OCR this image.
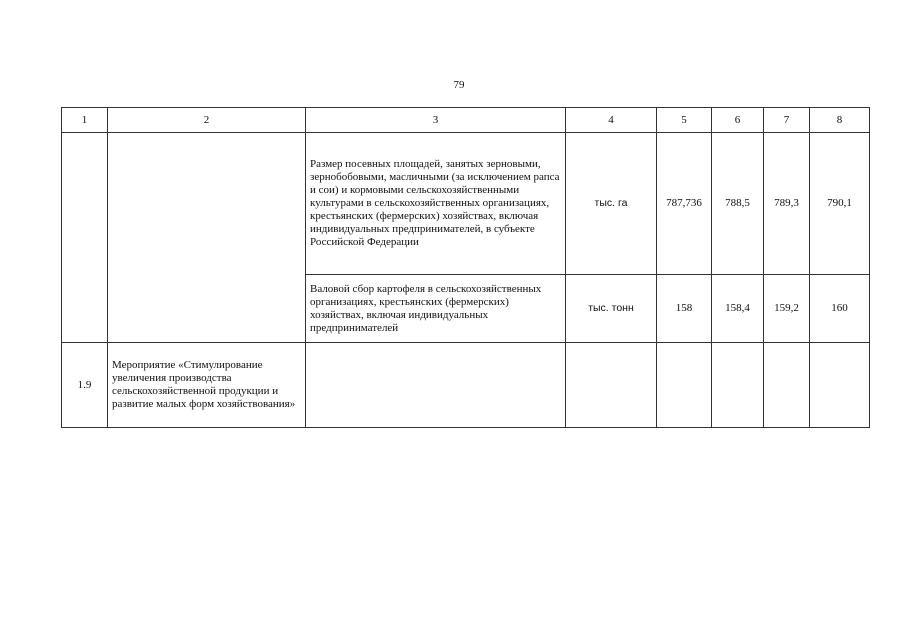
79
1	2	3	4	5	6	7	8
		Размер посевных площадей, занятых зерновыми, зернобобовыми, масличными (за исключением рапса и сои) и кормовыми сельскохозяйственными культурами в сельскохозяйственных организациях, крестьянских (фермерских) хозяйствах, включая индивидуальных предпринимателей, в субъекте Российской Федерации	тыс. га	787,736	788,5	789,3	790,1
		Валовой сбор картофеля в сельскохозяйственных организациях, крестьянских (фермерских) хозяйствах, включая индивидуальных предпринимателей	тыс. тонн	158	158,4	159,2	160
1.9	Мероприятие «Стимулирование увеличения производства сельскохозяйственной продукции и развитие малых форм хозяйствования»						
